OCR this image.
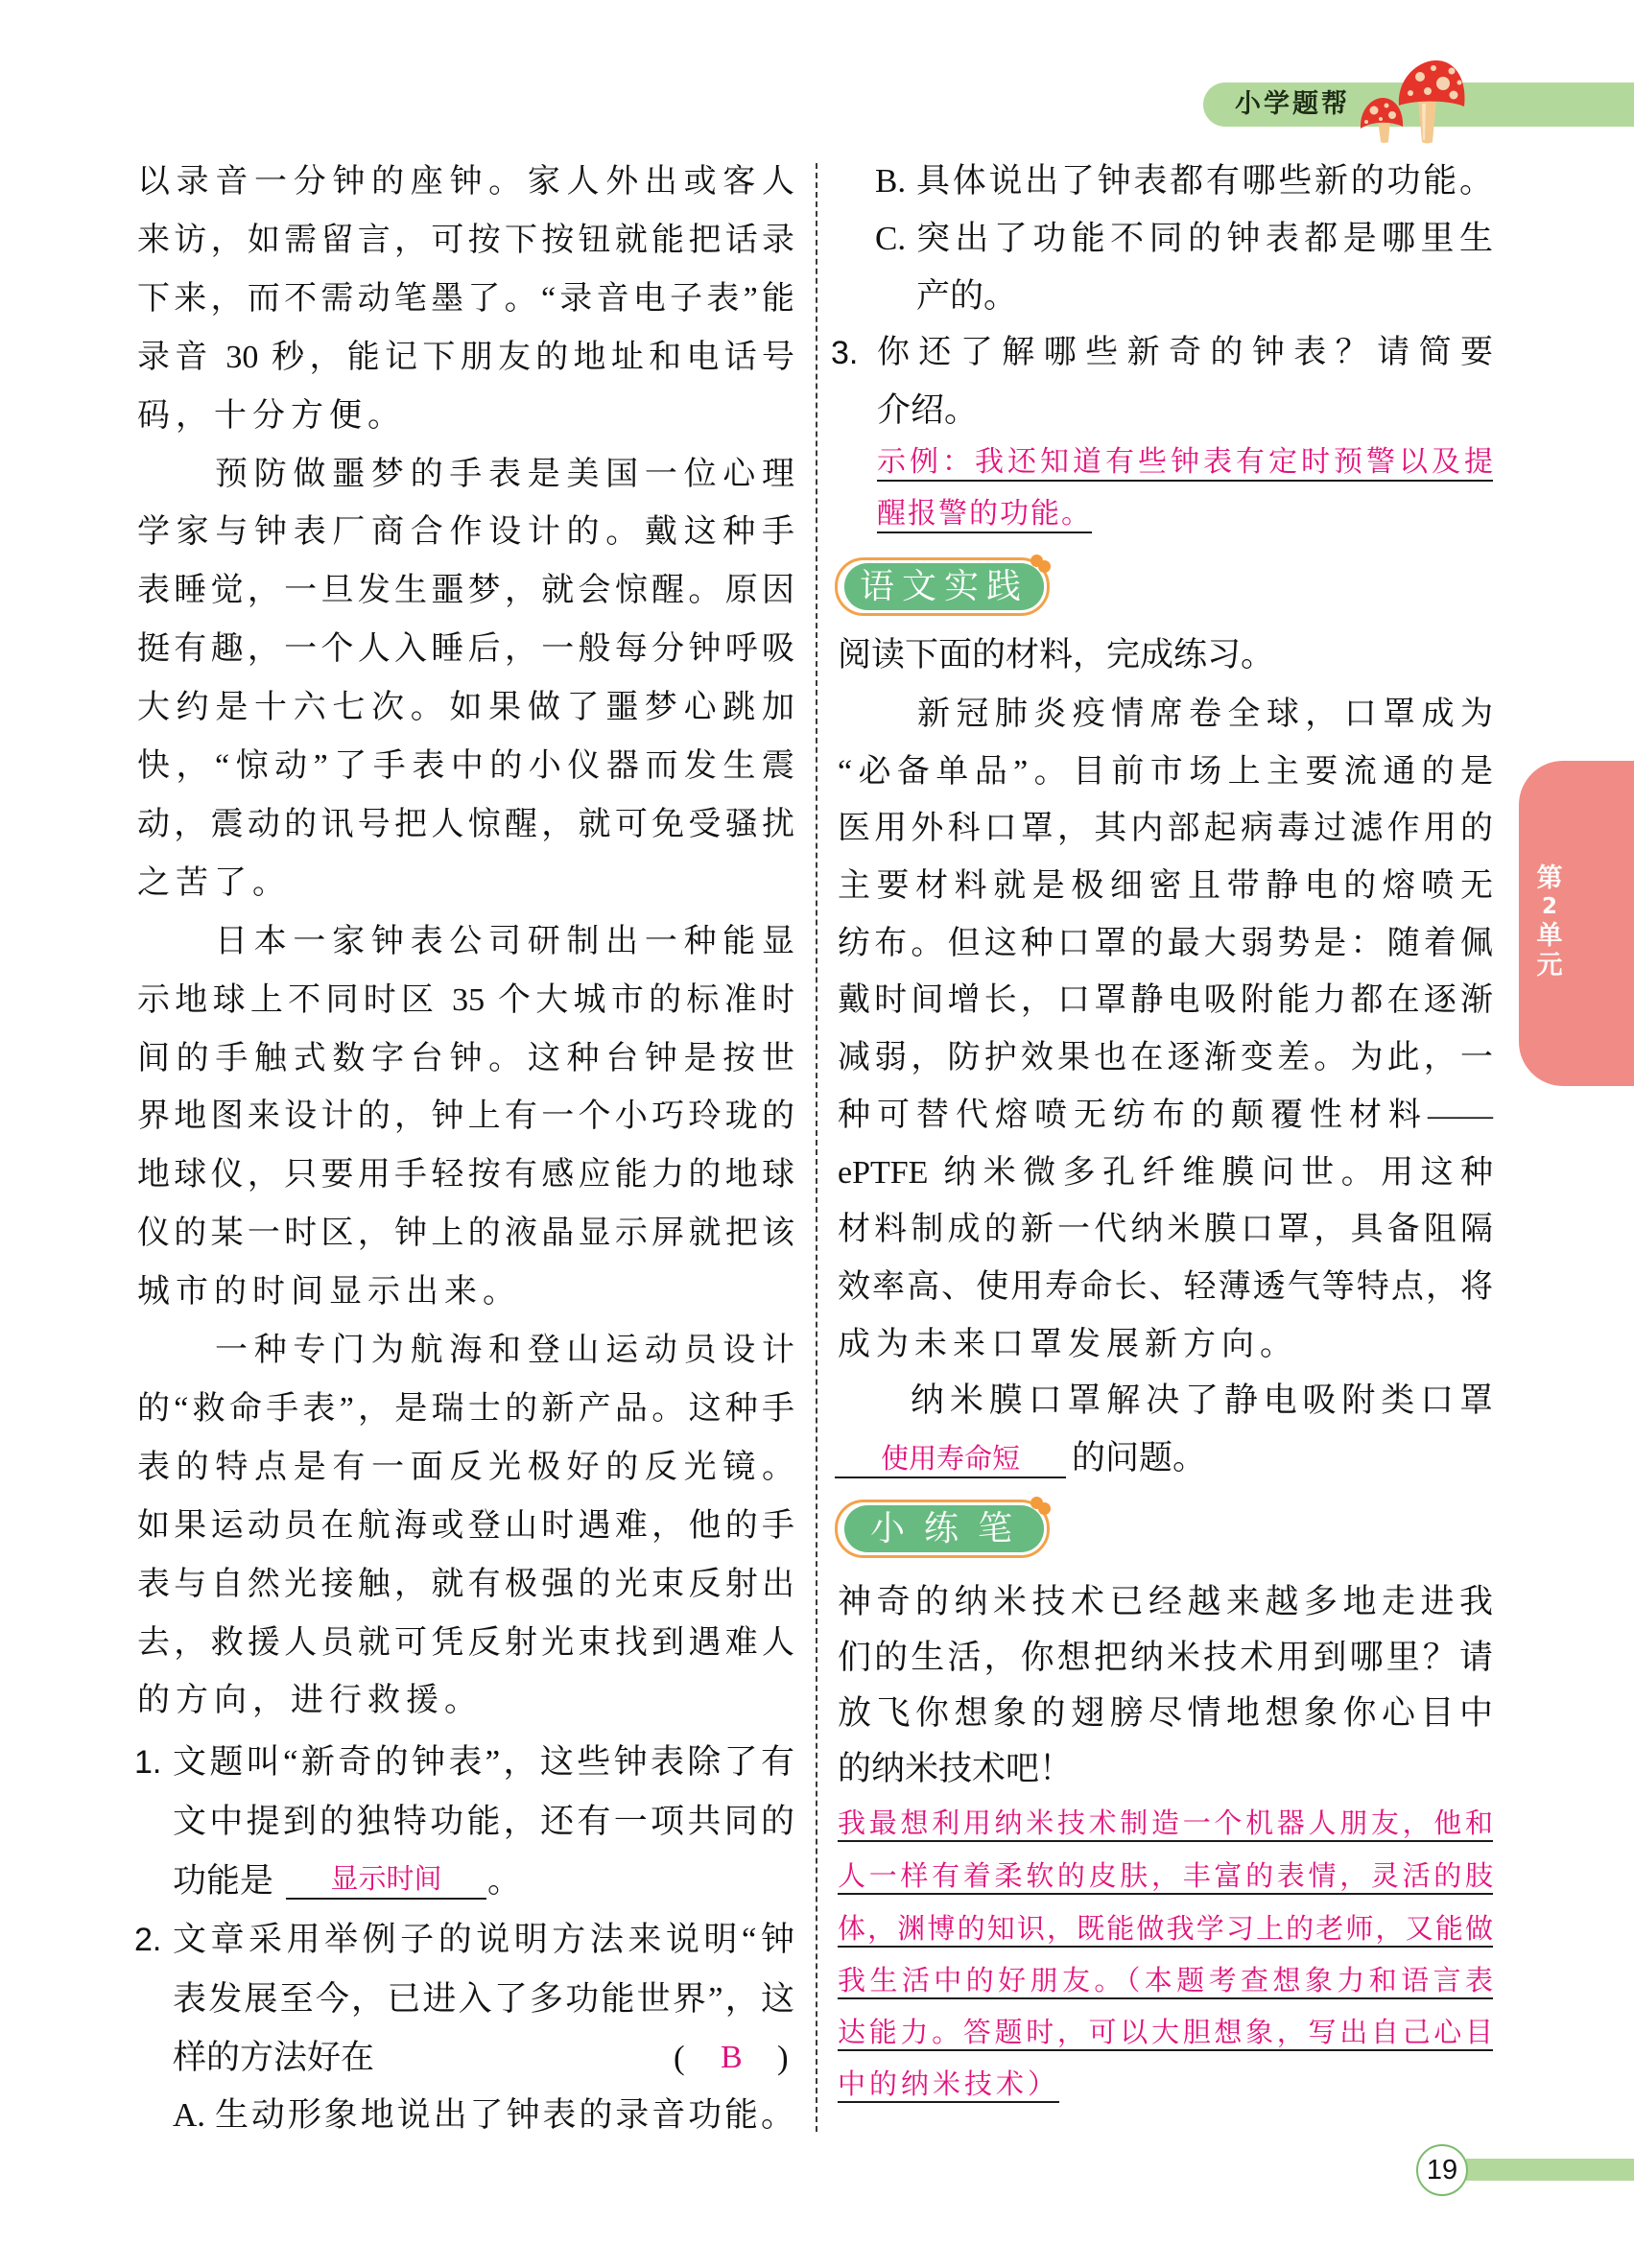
小学题帮
第
2
单
元
以录音一分钟的座钟。家人外出或客人
来访，如需留言，可按下按钮就能把话录
下来，而不需动笔墨了。“录音电子表”能
录音 30 秒，能记下朋友的地址和电话号
码，十分方便。
预防做噩梦的手表是美国一位心理
学家与钟表厂商合作设计的。戴这种手
表睡觉，一旦发生噩梦，就会惊醒。原因
挺有趣，一个人入睡后，一般每分钟呼吸
大约是十六七次。如果做了噩梦心跳加
快，“惊动”了手表中的小仪器而发生震
动，震动的讯号把人惊醒，就可免受骚扰
之苦了。
日本一家钟表公司研制出一种能显
示地球上不同时区 35 个大城市的标准时
间的手触式数字台钟。这种台钟是按世
界地图来设计的，钟上有一个小巧玲珑的
地球仪，只要用手轻按有感应能力的地球
仪的某一时区，钟上的液晶显示屏就把该
城市的时间显示出来。
一种专门为航海和登山运动员设计
的“救命手表”，是瑞士的新产品。这种手
表的特点是有一面反光极好的反光镜。
如果运动员在航海或登山时遇难，他的手
表与自然光接触，就有极强的光束反射出
去，救援人员就可凭反射光束找到遇难人
的方向，进行救援。
1. 文题叫“新奇的钟表”，这些钟表除了有
文中提到的独特功能，还有一项共同的
功能是	显示时间	。
2. 文章采用举例子的说明方法来说明“钟
表发展至今，已进入了多功能世界”，这
样的方法好在	( B )
A. 生动形象地说出了钟表的录音功能。
B. 具体说出了钟表都有哪些新的功能。
C. 突出了功能不同的钟表都是哪里生
产的。
3. 你还了解哪些新奇的钟表？请简要
介绍。
示例：我还知道有些钟表有定时预警以及提
醒报警的功能。
语文实践
阅读下面的材料，完成练习。
新冠肺炎疫情席卷全球，口罩成为
“必备单品”。目前市场上主要流通的是
医用外科口罩，其内部起病毒过滤作用的
主要材料就是极细密且带静电的熔喷无
纺布。但这种口罩的最大弱势是：随着佩
戴时间增长，口罩静电吸附能力都在逐渐
减弱，防护效果也在逐渐变差。为此，一
种可替代熔喷无纺布的颠覆性材料——
ePTFE 纳米微多孔纤维膜问世。用这种
材料制成的新一代纳米膜口罩，具备阻隔
效率高、使用寿命长、轻薄透气等特点，将
成为未来口罩发展新方向。
纳米膜口罩解决了静电吸附类口罩
使用寿命短	的问题。
小练笔
神奇的纳米技术已经越来越多地走进我
们的生活，你想把纳米技术用到哪里？请
放飞你想象的翅膀尽情地想象你心目中
的纳米技术吧！
我最想利用纳米技术制造一个机器人朋友，他和
人一样有着柔软的皮肤，丰富的表情，灵活的肢
体，渊博的知识，既能做我学习上的老师，又能做
我生活中的好朋友。（本题考查想象力和语言表
达能力。答题时，可以大胆想象，写出自己心目
中的纳米技术）
19
